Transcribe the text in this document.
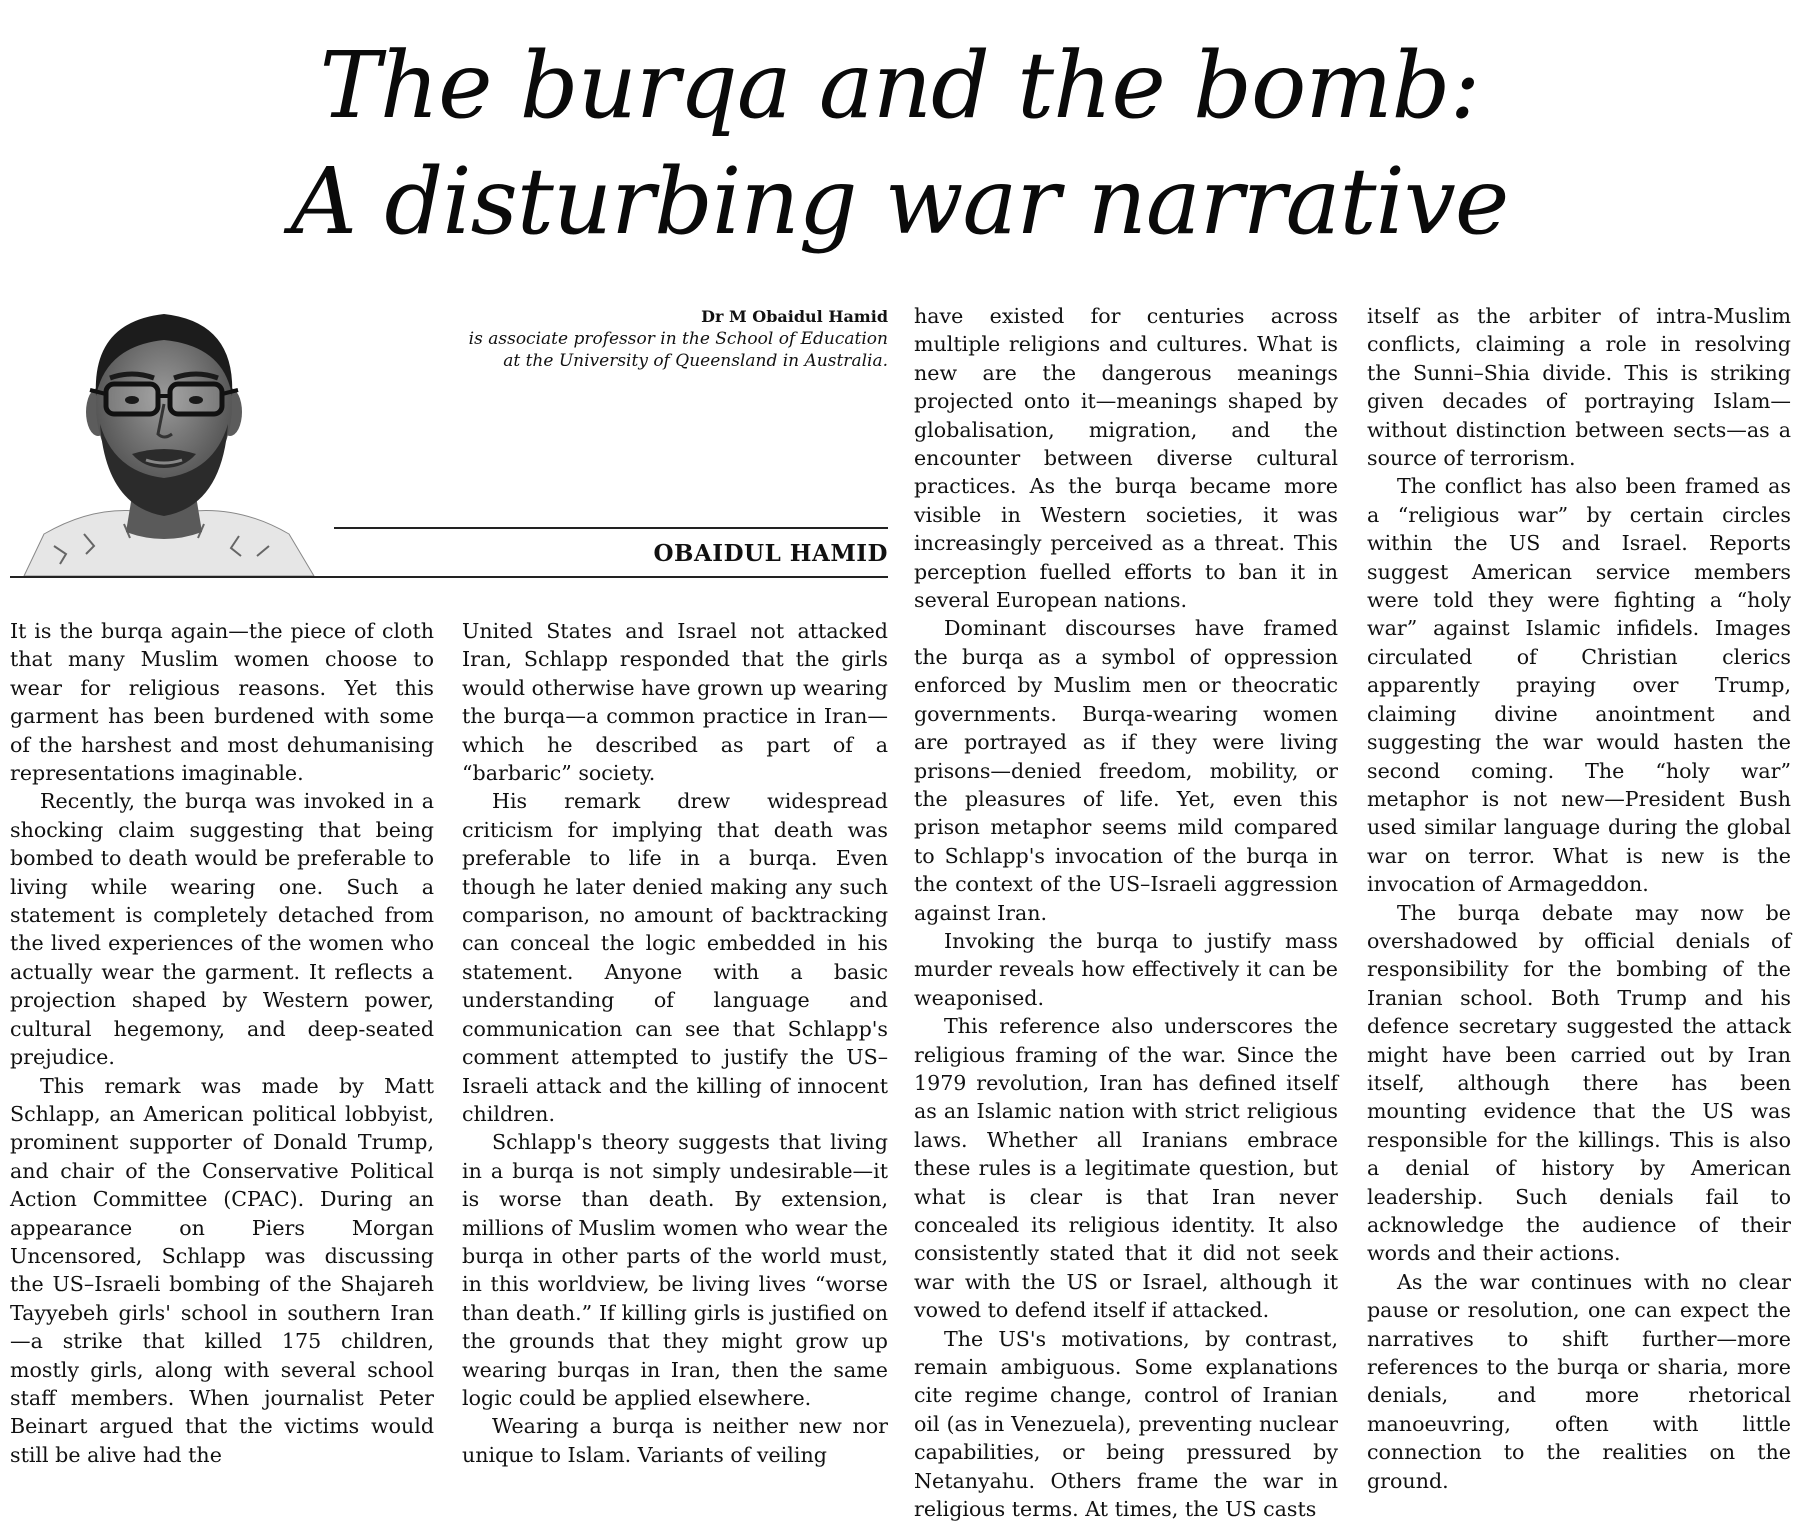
The burqa and the bomb:
A disturbing war narrative
Dr M Obaidul Hamid
is associate professor in the School of Education
at the University of Queensland in Australia.
OBAIDUL HAMID

It is the burqa again—the piece of cloth that many Muslim women choose to wear for religious reasons. Yet this garment has been burdened with some of the harshest and most dehumanising representations imaginable.

Recently, the burqa was invoked in a shocking claim suggesting that being bombed to death would be preferable to living while wearing one. Such a statement is completely detached from the lived experiences of the women who actually wear the garment. It reflects a projection shaped by Western power, cultural hegemony, and deep-seated prejudice.

This remark was made by Matt Schlapp, an American political lobbyist, prominent supporter of Donald Trump, and chair of the Conservative Political Action Committee (CPAC). During an appearance on Piers Morgan Uncensored, Schlapp was discussing the US–Israeli bombing of the Shajareh Tayyebeh girls' school in southern Iran—a strike that killed 175 children, mostly girls, along with several school staff members. When journalist Peter Beinart argued that the victims would still be alive had the

United States and Israel not attacked Iran, Schlapp responded that the girls would otherwise have grown up wearing the burqa—a common practice in Iran—which he described as part of a “barbaric” society.

His remark drew widespread criticism for implying that death was preferable to life in a burqa. Even though he later denied making any such comparison, no amount of backtracking can conceal the logic embedded in his statement. Anyone with a basic understanding of language and communication can see that Schlapp's comment attempted to justify the US–Israeli attack and the killing of innocent children.

Schlapp's theory suggests that living in a burqa is not simply undesirable—it is worse than death. By extension, millions of Muslim women who wear the burqa in other parts of the world must, in this worldview, be living lives “worse than death.” If killing girls is justified on the grounds that they might grow up wearing burqas in Iran, then the same logic could be applied elsewhere.

Wearing a burqa is neither new nor unique to Islam. Variants of veiling

have existed for centuries across multiple religions and cultures. What is new are the dangerous meanings projected onto it—meanings shaped by globalisation, migration, and the encounter between diverse cultural practices. As the burqa became more visible in Western societies, it was increasingly perceived as a threat. This perception fuelled efforts to ban it in several European nations.

Dominant discourses have framed the burqa as a symbol of oppression enforced by Muslim men or theocratic governments. Burqa-wearing women are portrayed as if they were living prisons—denied freedom, mobility, or the pleasures of life. Yet, even this prison metaphor seems mild compared to Schlapp's invocation of the burqa in the context of the US–Israeli aggression against Iran.

Invoking the burqa to justify mass murder reveals how effectively it can be weaponised.

This reference also underscores the religious framing of the war. Since the 1979 revolution, Iran has defined itself as an Islamic nation with strict religious laws. Whether all Iranians embrace these rules is a legitimate question, but what is clear is that Iran never concealed its religious identity. It also consistently stated that it did not seek war with the US or Israel, although it vowed to defend itself if attacked.

The US's motivations, by contrast, remain ambiguous. Some explanations cite regime change, control of Iranian oil (as in Venezuela), preventing nuclear capabilities, or being pressured by Netanyahu. Others frame the war in religious terms. At times, the US casts

itself as the arbiter of intra-Muslim conflicts, claiming a role in resolving the Sunni–Shia divide. This is striking given decades of portraying Islam—without distinction between sects—as a source of terrorism.

The conflict has also been framed as a “religious war” by certain circles within the US and Israel. Reports suggest American service members were told they were fighting a “holy war” against Islamic infidels. Images circulated of Christian clerics apparently praying over Trump, claiming divine anointment and suggesting the war would hasten the second coming. The “holy war” metaphor is not new—President Bush used similar language during the global war on terror. What is new is the invocation of Armageddon.

The burqa debate may now be overshadowed by official denials of responsibility for the bombing of the Iranian school. Both Trump and his defence secretary suggested the attack might have been carried out by Iran itself, although there has been mounting evidence that the US was responsible for the killings. This is also a denial of history by American leadership. Such denials fail to acknowledge the audience of their words and their actions.

As the war continues with no clear pause or resolution, one can expect the narratives to shift further—more references to the burqa or sharia, more denials, and more rhetorical manoeuvring, often with little connection to the realities on the ground.
